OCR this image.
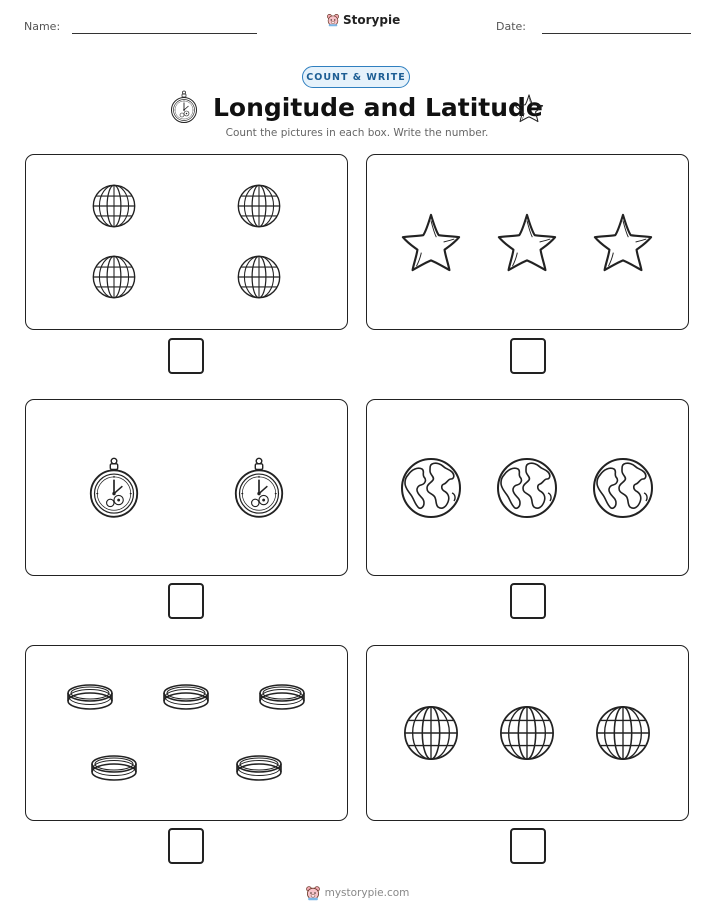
Name:	Storypie	Date:
COUNT & WRITE
Longitude and Latitude
Count the pictures in each box. Write the number.
mystorypie.com
